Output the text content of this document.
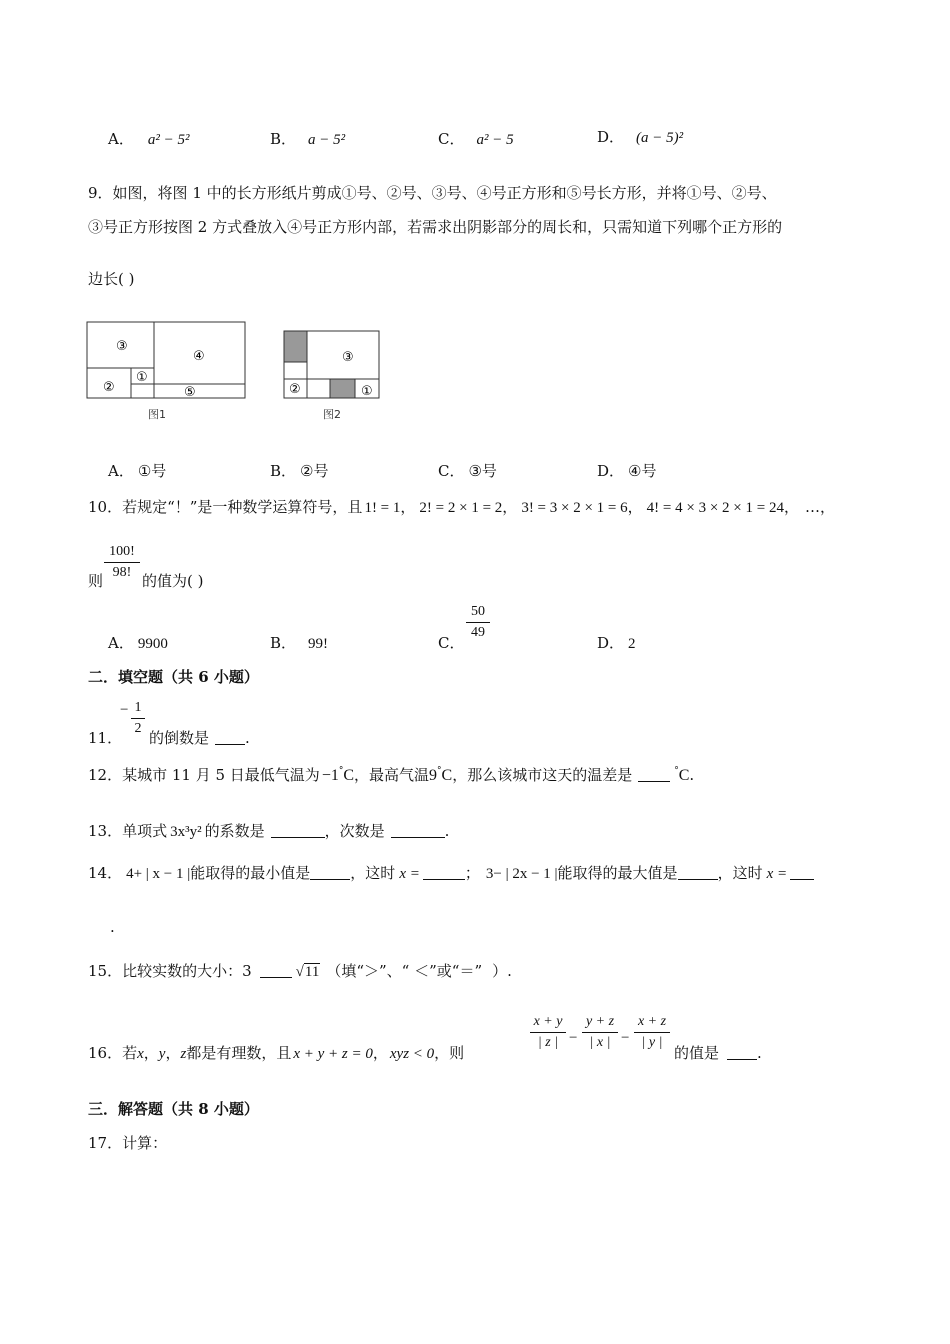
A． a² − 5²	B． a − 5²	C． a² − 5	D． (a − 5)²
9．如图，将图 1 中的长方形纸片剪成①号、②号、③号、④号正方形和⑤号长方形，并将①号、②号、
③号正方形按图 2 方式叠放入④号正方形内部，若需求出阴影部分的周长和，只需知道下列哪个正方形的
边长( )
③
④
②
①
⑤
图1
③
②	①
图2
A． ①号	B． ②号	C． ③号	D． ④号
10．若规定“！”是一种数学运算符号，且 1! = 1， 2! = 2 × 1 = 2， 3! = 3 × 2 × 1 = 6， 4! = 4 × 3 × 2 × 1 = 24， …，
则
100!
98! 的值为( )
A． 9900	B． 99!	C．
50
49
D． 2
二．填空题（共 6 小题）
11．
− 1
2
的倒数是 .
12．某城市 11 月 5 日最低气温为 −1°C，最高气温9°C，那么该城市这天的温差是	°C.
13．单项式 3x³y² 的系数是	，次数是	.
14． 4+ | x − 1 |能取得的最小值是	，这时 x =	； 3− | 2x − 1 |能取得的最大值是	，这时 x =
.
15．比较实数的大小：3	√11 （填“＞”、“ ＜”或“＝” ）.
16．若x，y，z都是有理数，且 x + y + z = 0， xyz < 0，则
x + y
| z | −
y + z
| x | −
x + z
| y |
的值是	.
三．解答题（共 8 小题）
17．计算：
